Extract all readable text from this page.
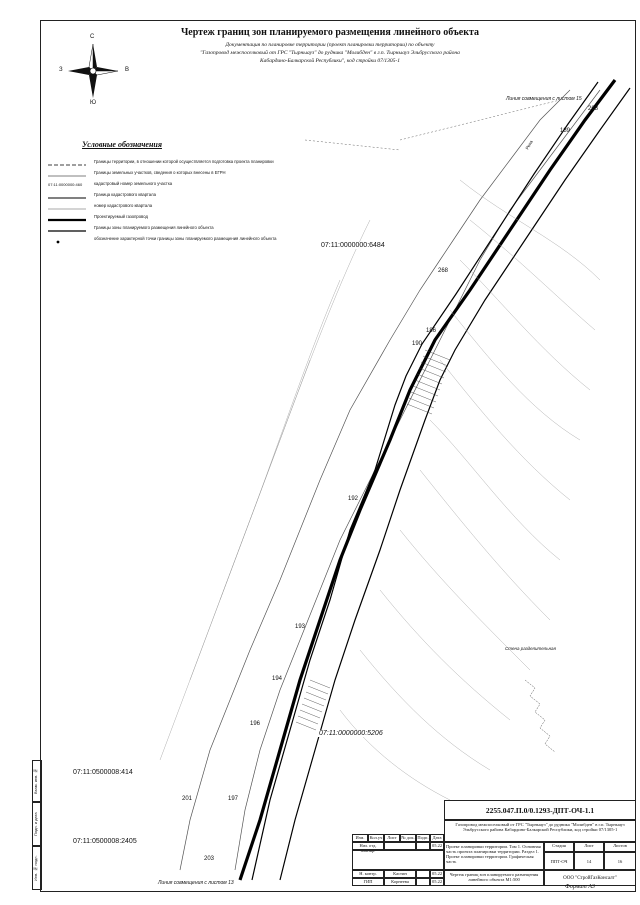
Чертеж границ зон планируемого размещения линейного объекта
Документация по планировке территории (проект планировки территории) по объекту
"Газопровод межпоселковый от ГРС "Тырныауз" до рудника "Молибден" в г.п. Тырныауз Эльбрусского района
Кабардино-Балкарской Республики", код стройки 07/1305-1
С
Ю
З	В
Линия совмещения с листом 15
Линия совмещения с листом 13
268
268
186
190
192
193
194
196
197
203
189
201
Стена разделительная
Река
Условные обозначения
Границы территории, в отношении которой осуществляется подготовка проекта планировки
Границы земельных участков, сведения о которых внесены в ЕГРН
07:11:0000000:460	кадастровый номер земельного участка
Граница кадастрового квартала
номер кадастрового квартала
Проектируемый газопровод
Границы зоны планируемого размещения линейного объекта
обозначение характерной точки границы зоны планируемого размещения линейного объекта
07:11:0000000:6484
07:11:0500008:414
07:11:0500008:2405
07:11:0000000:5206
2255.047.П.0/0.1293-ДПТ-ОЧ-1.1
Газопровод межпоселковый от ГРС "Тырныауз" до рудника "Молибден" в г.п. Тырныауз Эльбрусского района Кабардино-Балкарской Республики, код стройки 07/1305-1
Изм.	Кол.уч	Лист	№ док. Подп. Дата
Нач. отд. планир.
05.22 Проект планировки территории. Том 1. Основная часть проекта планировки территории. Раздел 1. Проект планировки территории. Графическая часть
Стадия	Лист	Листов
ППТ-ОЧ	14	16
Н. контр.	Кастин	05.22
ГИП	Корнеева	05.22
Чертеж границ зон планируемого размещения линейного объекта М1:500	ООО "СтройГазКонсалт"
Взам. инв. №
Подп. и дата
Инв. № подл.
Формат А3
